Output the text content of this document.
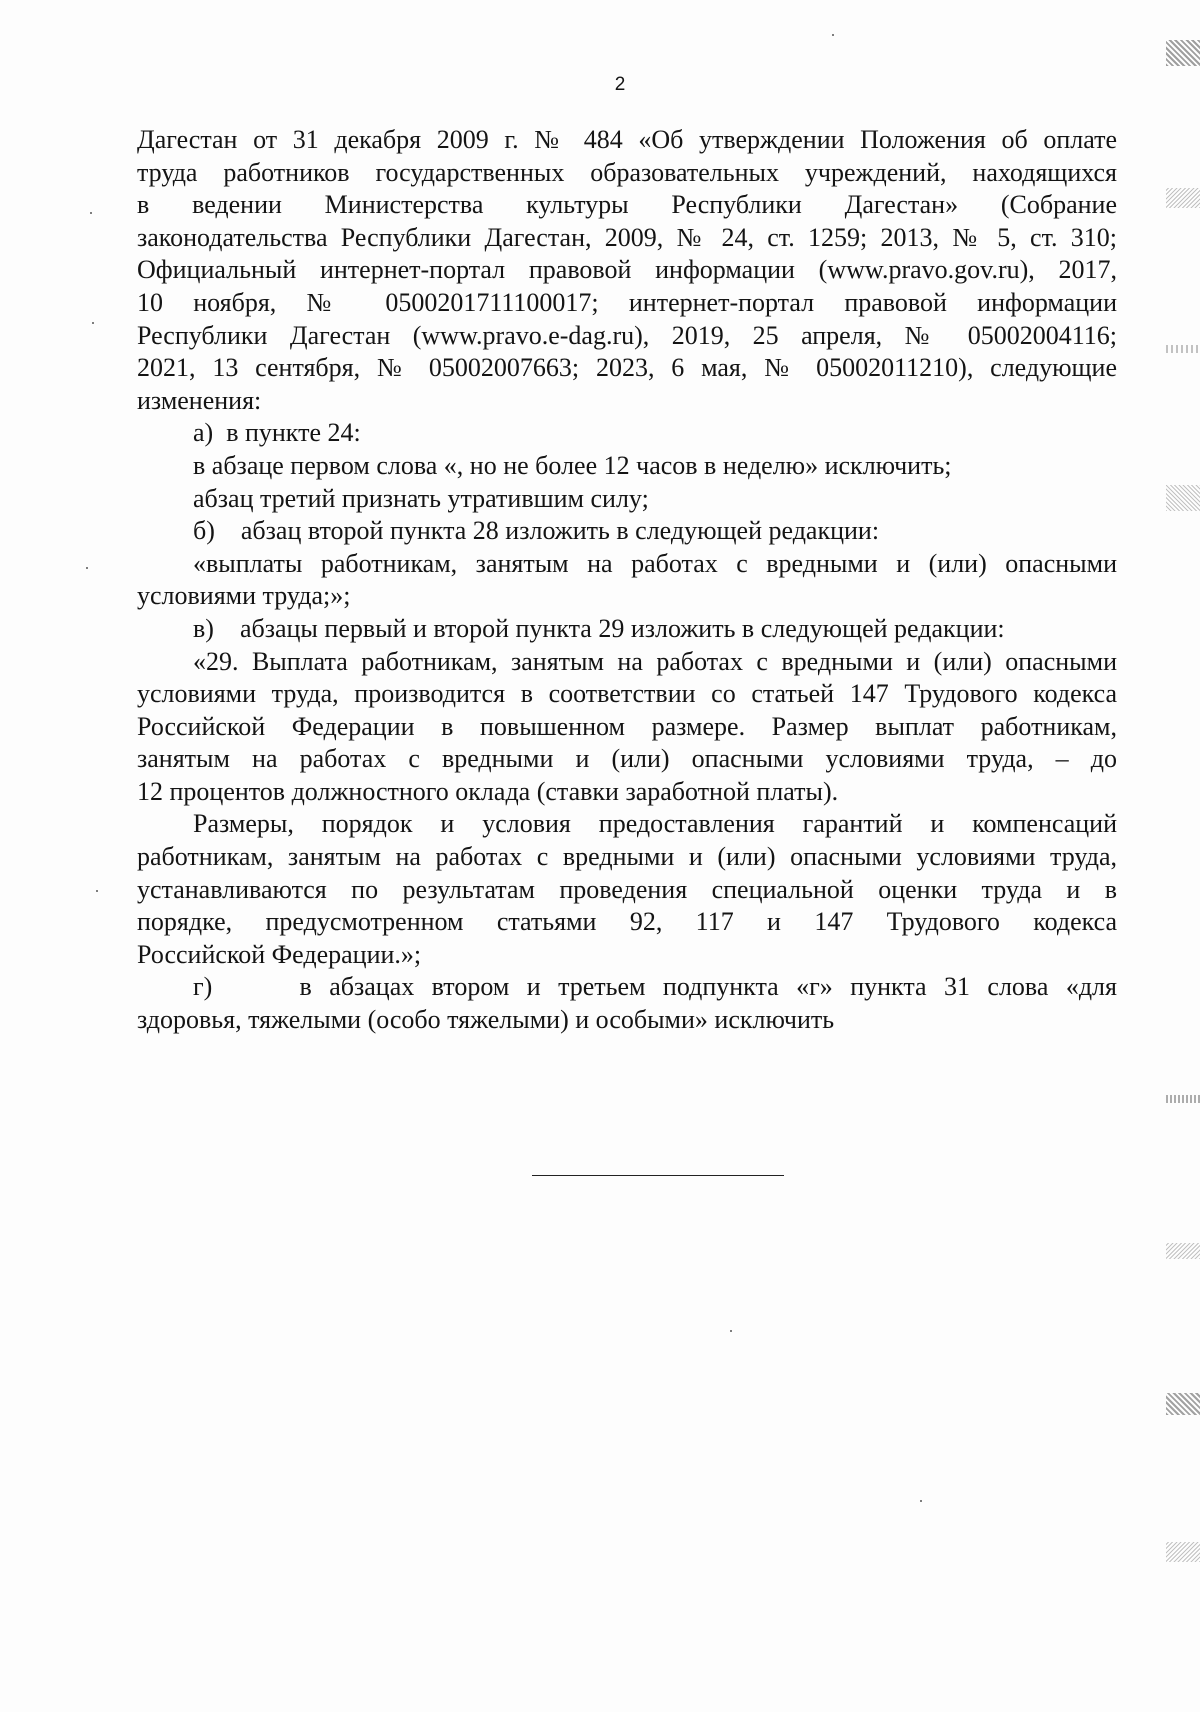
2

Дагестан от 31 декабря 2009 г. № 484 «Об утверждении Положения об оплате
труда работников государственных образовательных учреждений, находящихся
в ведении Министерства культуры Республики Дагестан» (Собрание
законодательства Республики Дагестан, 2009, № 24, ст. 1259; 2013, № 5, ст. 310;
Официальный интернет-портал правовой информации (www.pravo.gov.ru), 2017,
10 ноября, № 0500201711100017; интернет-портал правовой информации
Республики Дагестан (www.pravo.e-dag.ru), 2019, 25 апреля, № 05002004116;
2021, 13 сентября, № 05002007663; 2023, 6 мая, № 05002011210), следующие
изменения:

а) в пункте 24:
в абзаце первом слова «, но не более 12 часов в неделю» исключить;
абзац третий признать утратившим силу;

б) абзац второй пункта 28 изложить в следующей редакции:
«выплаты работникам, занятым на работах с вредными и (или) опасными
условиями труда;»;

в) абзацы первый и второй пункта 29 изложить в следующей редакции:
«29. Выплата работникам, занятым на работах с вредными и (или) опасными
условиями труда, производится в соответствии со статьей 147 Трудового кодекса
Российской Федерации в повышенном размере. Размер выплат работникам,
занятым на работах с вредными и (или) опасными условиями труда, – до
12 процентов должностного оклада (ставки заработной платы).
Размеры, порядок и условия предоставления гарантий и компенсаций
работникам, занятым на работах с вредными и (или) опасными условиями труда,
устанавливаются по результатам проведения специальной оценки труда и в
порядке, предусмотренном статьями 92, 117 и 147 Трудового кодекса
Российской Федерации.»;

г)	в абзацах втором и третьем подпункта «г» пункта 31 слова «для
здоровья, тяжелыми (особо тяжелыми) и особыми» исключить
